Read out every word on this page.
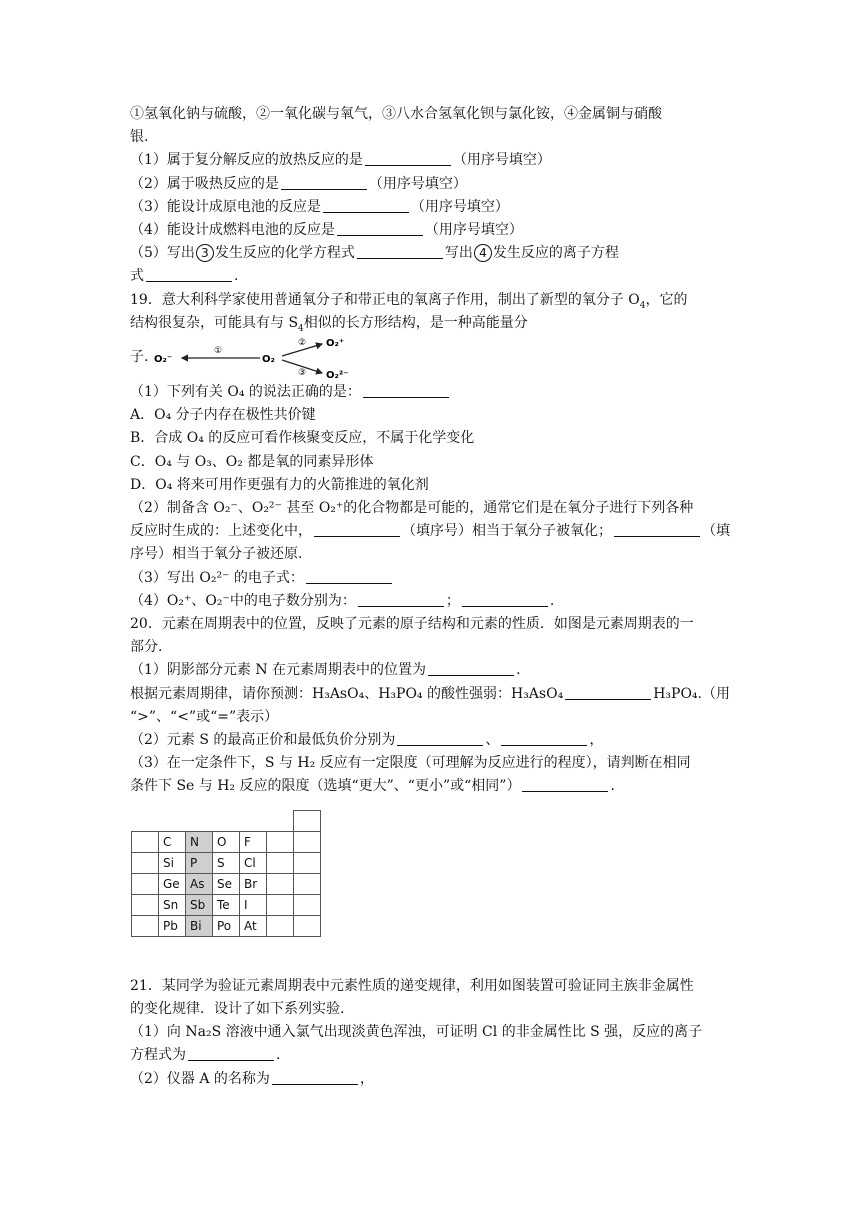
①氢氧化钠与硫酸，②一氧化碳与氧气，③八水合氢氧化钡与氯化铵，④金属铜与硝酸
银.
（1）属于复分解反应的放热反应的是	（用序号填空）
（2）属于吸热反应的是	（用序号填空）
（3）能设计成原电池的反应是	（用序号填空）
（4）能设计成燃料电池的反应是	（用序号填空）
（5）写出 3 发生反应的化学方程式	写出 4 发生反应的离子方程
式	.
19．意大利科学家使用普通氧分子和带正电的氧离子作用，制出了新型的氧分子 $O_4$，它的
结构很复杂，可能具有与 $S_4$相似的长方形结构，是一种高能量分
子. O₂⁻
①
O₂
②
③
O₂⁺
O₂²⁻
（1）下列有关 O₄ 的说法正确的是：
A．O₄ 分子内存在极性共价键
B．合成 O₄ 的反应可看作核聚变反应，不属于化学变化
C．O₄ 与 O₃、O₂ 都是氧的同素异形体
D．O₄ 将来可用作更强有力的火箭推进的氧化剂
（2）制备含 O₂⁻、O₂²⁻ 甚至 O₂⁺的化合物都是可能的，通常它们是在氧分子进行下列各种
反应时生成的：上述变化中，	（填序号）相当于氧分子被氧化；	（填
序号）相当于氧分子被还原.
（3）写出 O₂²⁻ 的电子式：
（4）O₂⁺、O₂⁻中的电子数分别为：	；	.
20．元素在周期表中的位置，反映了元素的原子结构和元素的性质．如图是元素周期表的一
部分.
（1）阴影部分元素 N 在元素周期表中的位置为	.
根据元素周期律，请你预测：H₃AsO₄、H₃PO₄ 的酸性强弱：H₃AsO₄	H₃PO₄.（用
“>”、“<”或“=”表示）
（2）元素 S 的最高正价和最低负价分别为	、	，
（3）在一定条件下，S 与 H₂ 反应有一定限度（可理解为反应进行的程度），请判断在相同
条件下 Se 与 H₂ 反应的限度（选填“更大”、“更小”或“相同”）	.
21．某同学为验证元素周期表中元素性质的递变规律，利用如图装置可验证同主族非金属性
的变化规律．设计了如下系列实验.
（1）向 Na₂S 溶液中通入氯气出现淡黄色浑浊，可证明 Cl 的非金属性比 S 强，反应的离子
方程式为	.
（2）仪器 A 的名称为	，

	C	N	O	F		
	Si	P	S	Cl		
	Ge	As	Se	Br		
	Sn	Sb	Te	I		
	Pb	Bi	Po	At		
